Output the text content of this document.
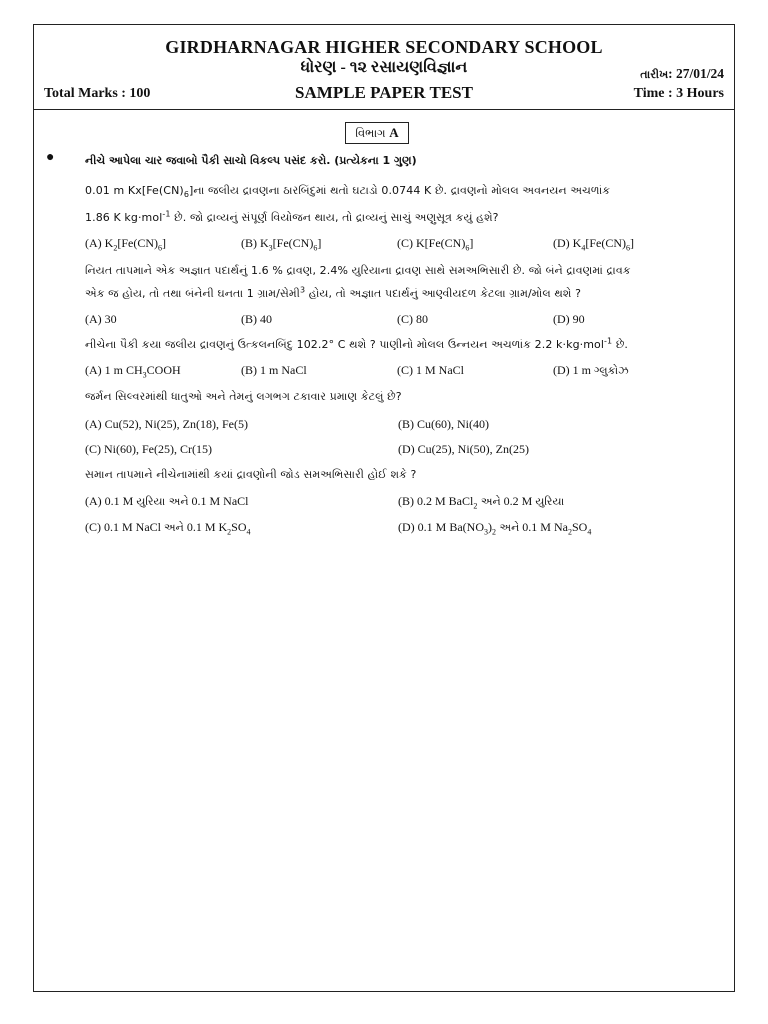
GIRDHARNAGAR HIGHER SECONDARY SCHOOL
ધોરણ - ૧૨ રસાયણવિજ્ઞાન	તારીખ: 27/01/24
Total Marks : 100	SAMPLE PAPER TEST	Time : 3 Hours
વિભાગ A
●	નીચે આપેલા ચાર જવાબો પૈકી સાચો વિકલ્પ પસંદ કરો. (પ્રત્યેકના 1 ગુણ)
0.01 m $Kx[Fe(CN)_6]ના$ જલીય દ્રાવણના ઠારબિંદુમાં થતો ઘટાડો 0.0744 K છે. દ્રાવણનો મોલલ અવનયન અચળાંક
1.86 K kg·mol$^{-1}$ છે. જો દ્રાવ્યનું સંપૂર્ણ વિયોજન થાય, તો દ્રાવ્યનું સાચું અણુસૂત્ર કયું હશે?
(A) $K_2[Fe(CN)_6]$	(B) $K_3[Fe(CN)_6]$	(C) $K[Fe(CN)_6]$	(D) $K_4[Fe(CN)_6]$
નિયત તાપમાને એક અજ્ઞાત પદાર્થનું 1.6 % દ્રાવણ, 2.4% યુરિયાના દ્રાવણ સાથે સમઅભિસારી છે. જો બંને દ્રાવણમાં દ્રાવક
એક જ હોય, તો તથા બંનેની ઘનતા 1 ગ્રામ/સેમી$^3$ હોય, તો અજ્ઞાત પદાર્થનું આણ્વીયદળ કેટલા ગ્રામ/મોલ થશે ?
(A) 30	(B) 40	(C) 80	(D) 90
નીચેના પૈકી કયા જલીય દ્રાવણનું ઉત્કલનબિંદુ 102.2° C થશે ? પાણીનો મોલલ ઉન્નયન અચળાંક 2.2 k·kg·mol$^{-1}$ છે.
(A) 1 m $CH_3COOH$	(B) 1 m NaCl	(C) 1 M NaCl	(D) 1 m ગ્લુકોઝ
જર્મન સિલ્વરમાંથી ધાતુઓ અને તેમનું લગભગ ટકાવાર પ્રમાણ કેટલું છે?
(A) Cu(52), Ni(25), Zn(18), Fe(5)	(B) Cu(60), Ni(40)
(C) Ni(60), Fe(25), Cr(15)	(D) Cu(25), Ni(50), Zn(25)
સમાન તાપમાને નીચેનામાંથી કયાં દ્રાવણોની જોડ સમઅભિસારી હોઈ શકે ?
(A) 0.1 M યુરિયા અને 0.1 M NaCl	(B) 0.2 M BaCl$_2$ અને 0.2 M યુરિયા
(C) 0.1 M NaCl અને 0.1 M $K_2SO_4$	(D) 0.1 M $Ba(NO_3)_2$ અને 0.1 M $Na_2SO_4$
